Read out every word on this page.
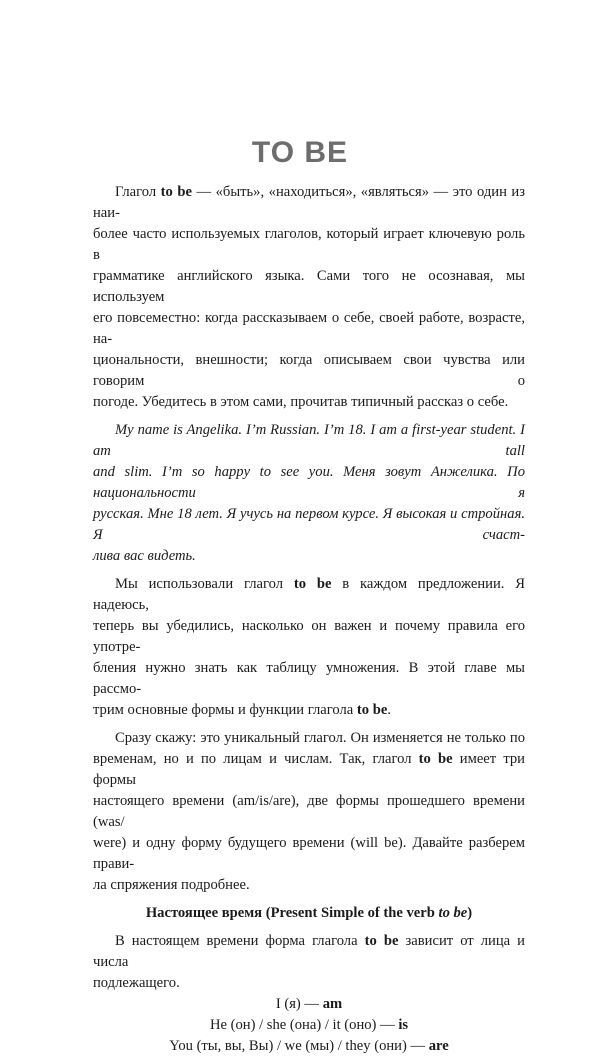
TO BE

Глагол to be — «быть», «находиться», «являться» — это один из наи-
более часто используемых глаголов, который играет ключевую роль в
грамматике английского языка. Сами того не осознавая, мы используем
его повсеместно: когда рассказываем о себе, своей работе, возрасте, на-
циональности, внешности; когда описываем свои чувства или говорим о
погоде. Убедитесь в этом сами, прочитав типичный рассказ о себе.

My name is Angelika. I’m Russian. I’m 18. I am a first-year student. I am tall
and slim. I’m so happy to see you. Меня зовут Анжелика. По национальности я
русская. Мне 18 лет. Я учусь на первом курсе. Я высокая и стройная. Я счаст-
лива вас видеть.

Мы использовали глагол to be в каждом предложении. Я надеюсь,
теперь вы убедились, насколько он важен и почему правила его употре-
бления нужно знать как таблицу умножения. В этой главе мы рассмо-
трим основные формы и функции глагола to be.

Сразу скажу: это уникальный глагол. Он изменяется не только по
временам, но и по лицам и числам. Так, глагол to be имеет три формы
настоящего времени (am/is/are), две формы прошедшего времени (was/
were) и одну форму будущего времени (will be). Давайте разберем прави-
ла спряжения подробнее.

Настоящее время (Present Simple of the verb to be)

В настоящем времени форма глагола to be зависит от лица и числа
подлежащего.

I (я) — am
He (он) / she (она) / it (оно) — is
You (ты, вы, Вы) / we (мы) / they (они) — are
